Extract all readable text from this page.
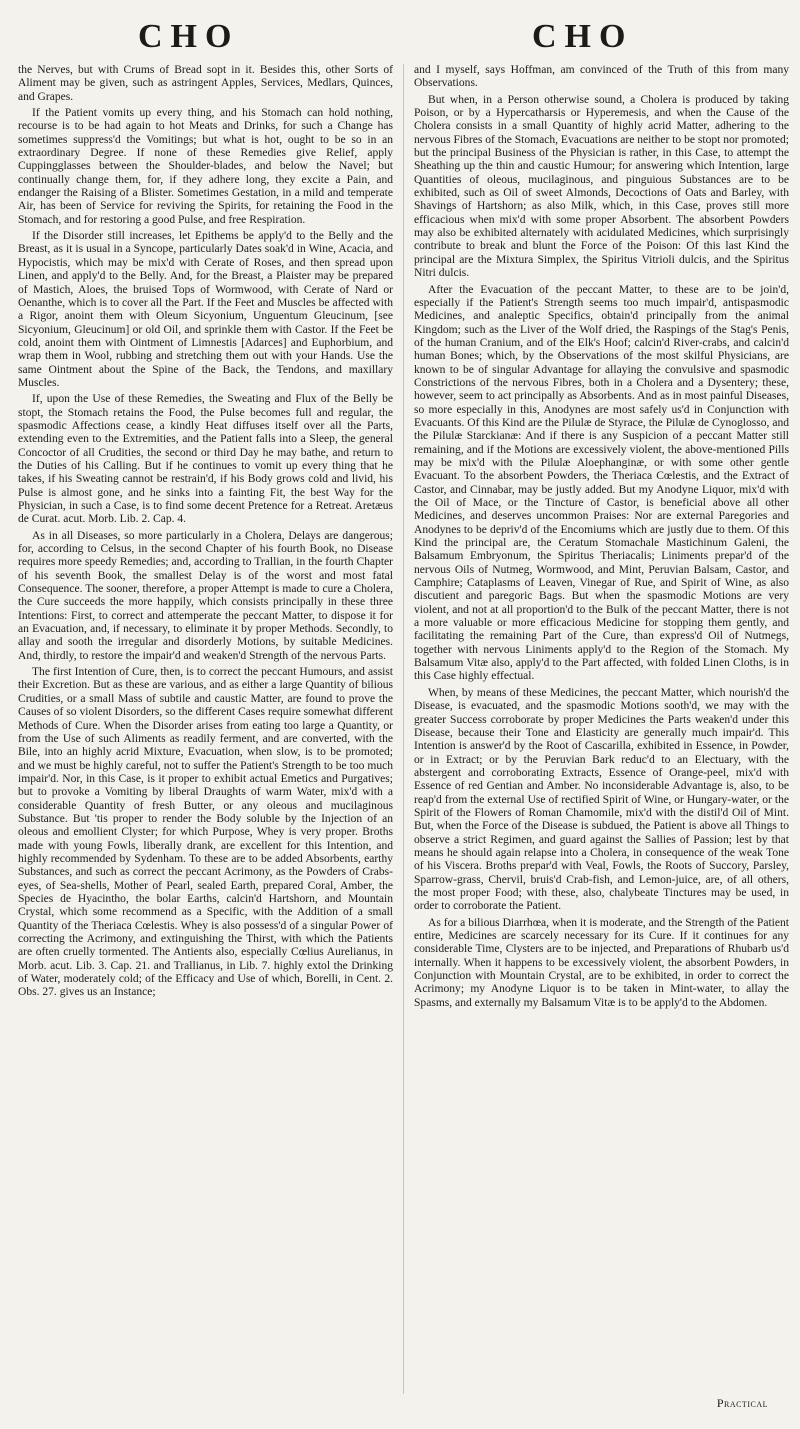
CHO	CHO

the Nerves, but with Crums of Bread sopt in it. Besides this, other Sorts of Aliment may be given, such as astringent Apples, Services, Medlars, Quinces, and Grapes.

If the Patient vomits up every thing, and his Stomach can hold nothing, recourse is to be had again to hot Meats and Drinks, for such a Change has sometimes suppress'd the Vomitings; but what is hot, ought to be so in an extraordinary Degree. If none of these Remedies give Relief, apply Cuppingglasses between the Shoulder-blades, and below the Navel; but continually change them, for, if they adhere long, they excite a Pain, and endanger the Raising of a Blister. Sometimes Gestation, in a mild and temperate Air, has been of Service for reviving the Spirits, for retaining the Food in the Stomach, and for restoring a good Pulse, and free Respiration.

If the Disorder still increases, let Epithems be apply'd to the Belly and the Breast, as it is usual in a Syncope, particularly Dates soak'd in Wine, Acacia, and Hypocistis, which may be mix'd with Cerate of Roses, and then spread upon Linen, and apply'd to the Belly. And, for the Breast, a Plaister may be prepared of Mastich, Aloes, the bruised Tops of Wormwood, with Cerate of Nard or Oenanthe, which is to cover all the Part. If the Feet and Muscles be affected with a Rigor, anoint them with Oleum Sicyonium, Unguentum Gleucinum, [see Sicyonium, Gleucinum] or old Oil, and sprinkle them with Castor. If the Feet be cold, anoint them with Ointment of Limnestis [Adarces] and Euphorbium, and wrap them in Wool, rubbing and stretching them out with your Hands. Use the same Ointment about the Spine of the Back, the Tendons, and maxillary Muscles.

If, upon the Use of these Remedies, the Sweating and Flux of the Belly be stopt, the Stomach retains the Food, the Pulse becomes full and regular, the spasmodic Affections cease, a kindly Heat diffuses itself over all the Parts, extending even to the Extremities, and the Patient falls into a Sleep, the general Concoctor of all Crudities, the second or third Day he may bathe, and return to the Duties of his Calling. But if he continues to vomit up every thing that he takes, if his Sweating cannot be restrain'd, if his Body grows cold and livid, his Pulse is almost gone, and he sinks into a fainting Fit, the best Way for the Physician, in such a Case, is to find some decent Pretence for a Retreat. Aretæus de Curat. acut. Morb. Lib. 2. Cap. 4.

As in all Diseases, so more particularly in a Cholera, Delays are dangerous; for, according to Celsus, in the second Chapter of his fourth Book, no Disease requires more speedy Remedies; and, according to Trallian, in the fourth Chapter of his seventh Book, the smallest Delay is of the worst and most fatal Consequence. The sooner, therefore, a proper Attempt is made to cure a Cholera, the Cure succeeds the more happily, which consists principally in these three Intentions: First, to correct and attemperate the peccant Matter, to dispose it for an Evacuation, and, if necessary, to eliminate it by proper Methods. Secondly, to allay and sooth the irregular and disorderly Motions, by suitable Medicines. And, thirdly, to restore the impair'd and weaken'd Strength of the nervous Parts.

The first Intention of Cure, then, is to correct the peccant Humours, and assist their Excretion. But as these are various, and as either a large Quantity of bilious Crudities, or a small Mass of subtile and caustic Matter, are found to prove the Causes of so violent Disorders, so the different Cases require somewhat different Methods of Cure. When the Disorder arises from eating too large a Quantity, or from the Use of such Aliments as readily ferment, and are converted, with the Bile, into an highly acrid Mixture, Evacuation, when slow, is to be promoted; and we must be highly careful, not to suffer the Patient's Strength to be too much impair'd. Nor, in this Case, is it proper to exhibit actual Emetics and Purgatives; but to provoke a Vomiting by liberal Draughts of warm Water, mix'd with a considerable Quantity of fresh Butter, or any oleous and mucilaginous Substance. But 'tis proper to render the Body soluble by the Injection of an oleous and emollient Clyster; for which Purpose, Whey is very proper. Broths made with young Fowls, liberally drank, are excellent for this Intention, and highly recommended by Sydenham. To these are to be added Absorbents, earthy Substances, and such as correct the peccant Acrimony, as the Powders of Crabs-eyes, of Sea-shells, Mother of Pearl, sealed Earth, prepared Coral, Amber, the Species de Hyacintho, the bolar Earths, calcin'd Hartshorn, and Mountain Crystal, which some recommend as a Specific, with the Addition of a small Quantity of the Theriaca Cœlestis. Whey is also possess'd of a singular Power of correcting the Acrimony, and extinguishing the Thirst, with which the Patients are often cruelly tormented. The Antients also, especially Cœlius Aurelianus, in Morb. acut. Lib. 3. Cap. 21. and Trallianus, in Lib. 7. highly extol the Drinking of Water, moderately cold; of the Efficacy and Use of which, Borelli, in Cent. 2. Obs. 27. gives us an Instance;

and I myself, says Hoffman, am convinced of the Truth of this from many Observations.

But when, in a Person otherwise sound, a Cholera is produced by taking Poison, or by a Hypercatharsis or Hyperemesis, and when the Cause of the Cholera consists in a small Quantity of highly acrid Matter, adhering to the nervous Fibres of the Stomach, Evacuations are neither to be stopt nor promoted; but the principal Business of the Physician is rather, in this Case, to attempt the Sheathing up the thin and caustic Humour; for answering which Intention, large Quantities of oleous, mucilaginous, and pinguious Substances are to be exhibited, such as Oil of sweet Almonds, Decoctions of Oats and Barley, with Shavings of Hartshorn; as also Milk, which, in this Case, proves still more efficacious when mix'd with some proper Absorbent. The absorbent Powders may also be exhibited alternately with acidulated Medicines, which surprisingly contribute to break and blunt the Force of the Poison: Of this last Kind the principal are the Mixtura Simplex, the Spiritus Vitrioli dulcis, and the Spiritus Nitri dulcis.

After the Evacuation of the peccant Matter, to these are to be join'd, especially if the Patient's Strength seems too much impair'd, antispasmodic Medicines, and analeptic Specifics, obtain'd principally from the animal Kingdom; such as the Liver of the Wolf dried, the Raspings of the Stag's Penis, of the human Cranium, and of the Elk's Hoof; calcin'd River-crabs, and calcin'd human Bones; which, by the Observations of the most skilful Physicians, are known to be of singular Advantage for allaying the convulsive and spasmodic Constrictions of the nervous Fibres, both in a Cholera and a Dysentery; these, however, seem to act principally as Absorbents. And as in most painful Diseases, so more especially in this, Anodynes are most safely us'd in Conjunction with Evacuants. Of this Kind are the Pilulæ de Styrace, the Pilulæ de Cynoglosso, and the Pilulæ Starckianæ: And if there is any Suspicion of a peccant Matter still remaining, and if the Motions are excessively violent, the above-mentioned Pills may be mix'd with the Pilulæ Aloephanginæ, or with some other gentle Evacuant. To the absorbent Powders, the Theriaca Cœlestis, and the Extract of Castor, and Cinnabar, may be justly added. But my Anodyne Liquor, mix'd with the Oil of Mace, or the Tincture of Castor, is beneficial above all other Medicines, and deserves uncommon Praises: Nor are external Paregories and Anodynes to be depriv'd of the Encomiums which are justly due to them. Of this Kind the principal are, the Ceratum Stomachale Mastichinum Galeni, the Balsamum Embryonum, the Spiritus Theriacalis; Liniments prepar'd of the nervous Oils of Nutmeg, Wormwood, and Mint, Peruvian Balsam, Castor, and Camphire; Cataplasms of Leaven, Vinegar of Rue, and Spirit of Wine, as also discutient and paregoric Bags. But when the spasmodic Motions are very violent, and not at all proportion'd to the Bulk of the peccant Matter, there is not a more valuable or more efficacious Medicine for stopping them gently, and facilitating the remaining Part of the Cure, than express'd Oil of Nutmegs, together with nervous Liniments apply'd to the Region of the Stomach. My Balsamum Vitæ also, apply'd to the Part affected, with folded Linen Cloths, is in this Case highly effectual.

When, by means of these Medicines, the peccant Matter, which nourish'd the Disease, is evacuated, and the spasmodic Motions sooth'd, we may with the greater Success corroborate by proper Medicines the Parts weaken'd under this Disease, because their Tone and Elasticity are generally much impair'd. This Intention is answer'd by the Root of Cascarilla, exhibited in Essence, in Powder, or in Extract; or by the Peruvian Bark reduc'd to an Electuary, with the abstergent and corroborating Extracts, Essence of Orange-peel, mix'd with Essence of red Gentian and Amber. No inconsiderable Advantage is, also, to be reap'd from the external Use of rectified Spirit of Wine, or Hungary-water, or the Spirit of the Flowers of Roman Chamomile, mix'd with the distil'd Oil of Mint. But, when the Force of the Disease is subdued, the Patient is above all Things to observe a strict Regimen, and guard against the Sallies of Passion; lest by that means he should again relapse into a Cholera, in consequence of the weak Tone of his Viscera. Broths prepar'd with Veal, Fowls, the Roots of Succory, Parsley, Sparrow-grass, Chervil, bruis'd Crab-fish, and Lemon-juice, are, of all others, the most proper Food; with these, also, chalybeate Tinctures may be used, in order to corroborate the Patient.

As for a bilious Diarrhœa, when it is moderate, and the Strength of the Patient entire, Medicines are scarcely necessary for its Cure. If it continues for any considerable Time, Clysters are to be injected, and Preparations of Rhubarb us'd internally. When it happens to be excessively violent, the absorbent Powders, in Conjunction with Mountain Crystal, are to be exhibited, in order to correct the Acrimony; my Anodyne Liquor is to be taken in Mint-water, to allay the Spasms, and externally my Balsamum Vitæ is to be apply'd to the Abdomen.

Practical
